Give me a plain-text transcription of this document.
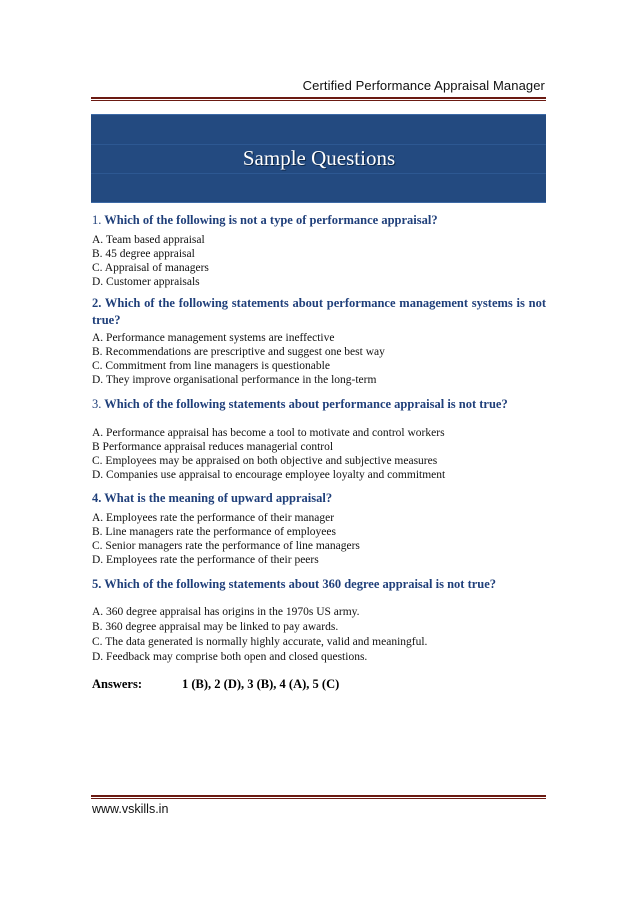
Certified Performance Appraisal Manager
Sample Questions

1. Which of the following is not a type of performance appraisal?

A. Team based appraisal

B. 45 degree appraisal

C. Appraisal of managers

D. Customer appraisals

2. Which of the following statements about performance management systems is not true?

A. Performance management systems are ineffective

B. Recommendations are prescriptive and suggest one best way

C. Commitment from line managers is questionable

D. They improve organisational performance in the long-term

3. Which of the following statements about performance appraisal is not true?

A. Performance appraisal has become a tool to motivate and control workers

B Performance appraisal reduces managerial control

C. Employees may be appraised on both objective and subjective measures

D. Companies use appraisal to encourage employee loyalty and commitment

4. What is the meaning of upward appraisal?

A. Employees rate the performance of their manager

B. Line managers rate the performance of employees

C. Senior managers rate the performance of line managers

D. Employees rate the performance of their peers

5. Which of the following statements about 360 degree appraisal is not true?

A. 360 degree appraisal has origins in the 1970s US army.

B. 360 degree appraisal may be linked to pay awards.

C. The data generated is normally highly accurate, valid and meaningful.

D. Feedback may comprise both open and closed questions.

Answers:	1 (B), 2 (D), 3 (B), 4 (A), 5 (C)
www.vskills.in
